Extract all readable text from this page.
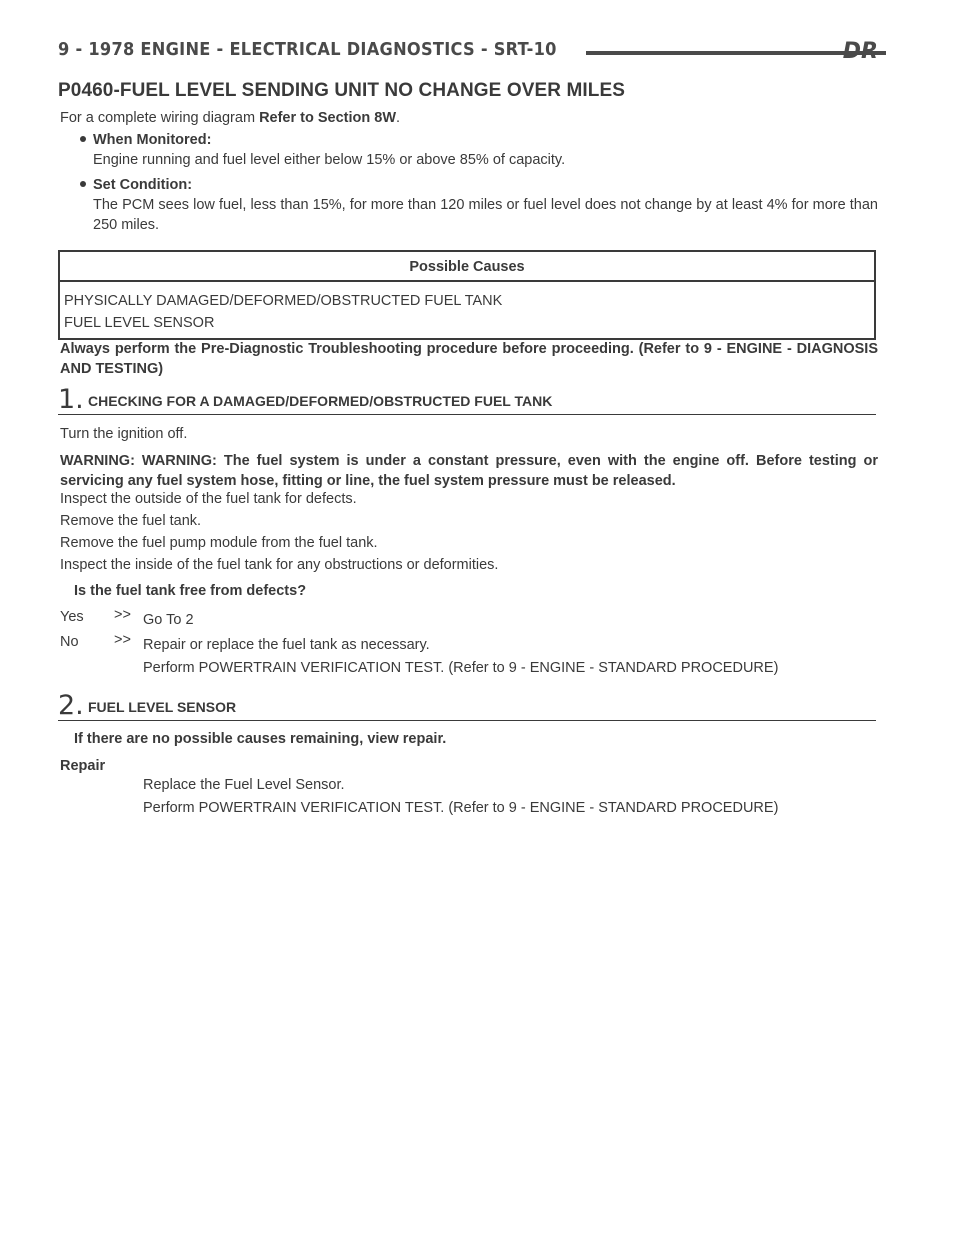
9 - 1978 ENGINE - ELECTRICAL DIAGNOSTICS - SRT-10	DR
P0460-FUEL LEVEL SENDING UNIT NO CHANGE OVER MILES

For a complete wiring diagram Refer to Section 8W.

When Monitored:
Engine running and fuel level either below 15% or above 85% of capacity.
Set Condition:
The PCM sees low fuel, less than 15%, for more than 120 miles or fuel level does not change by at least 4% for more than 250 miles.
Possible Causes
PHYSICALLY DAMAGED/DEFORMED/OBSTRUCTED FUEL TANK
FUEL LEVEL SENSOR

Always perform the Pre-Diagnostic Troubleshooting procedure before proceeding. (Refer to 9 - ENGINE - DIAGNOSIS AND TESTING)

1. CHECKING FOR A DAMAGED/DEFORMED/OBSTRUCTED FUEL TANK

Turn the ignition off.

WARNING: WARNING: The fuel system is under a constant pressure, even with the engine off. Before testing or servicing any fuel system hose, fitting or line, the fuel system pressure must be released.

Inspect the outside of the fuel tank for defects.

Remove the fuel tank.

Remove the fuel pump module from the fuel tank.

Inspect the inside of the fuel tank for any obstructions or deformities.

Is the fuel tank free from defects?

Yes >> Go To 2
No >> Repair or replace the fuel tank as necessary.
Perform POWERTRAIN VERIFICATION TEST. (Refer to 9 - ENGINE - STANDARD PROCEDURE)
2. FUEL LEVEL SENSOR

If there are no possible causes remaining, view repair.

Repair
Replace the Fuel Level Sensor.
Perform POWERTRAIN VERIFICATION TEST. (Refer to 9 - ENGINE - STANDARD PROCEDURE)
